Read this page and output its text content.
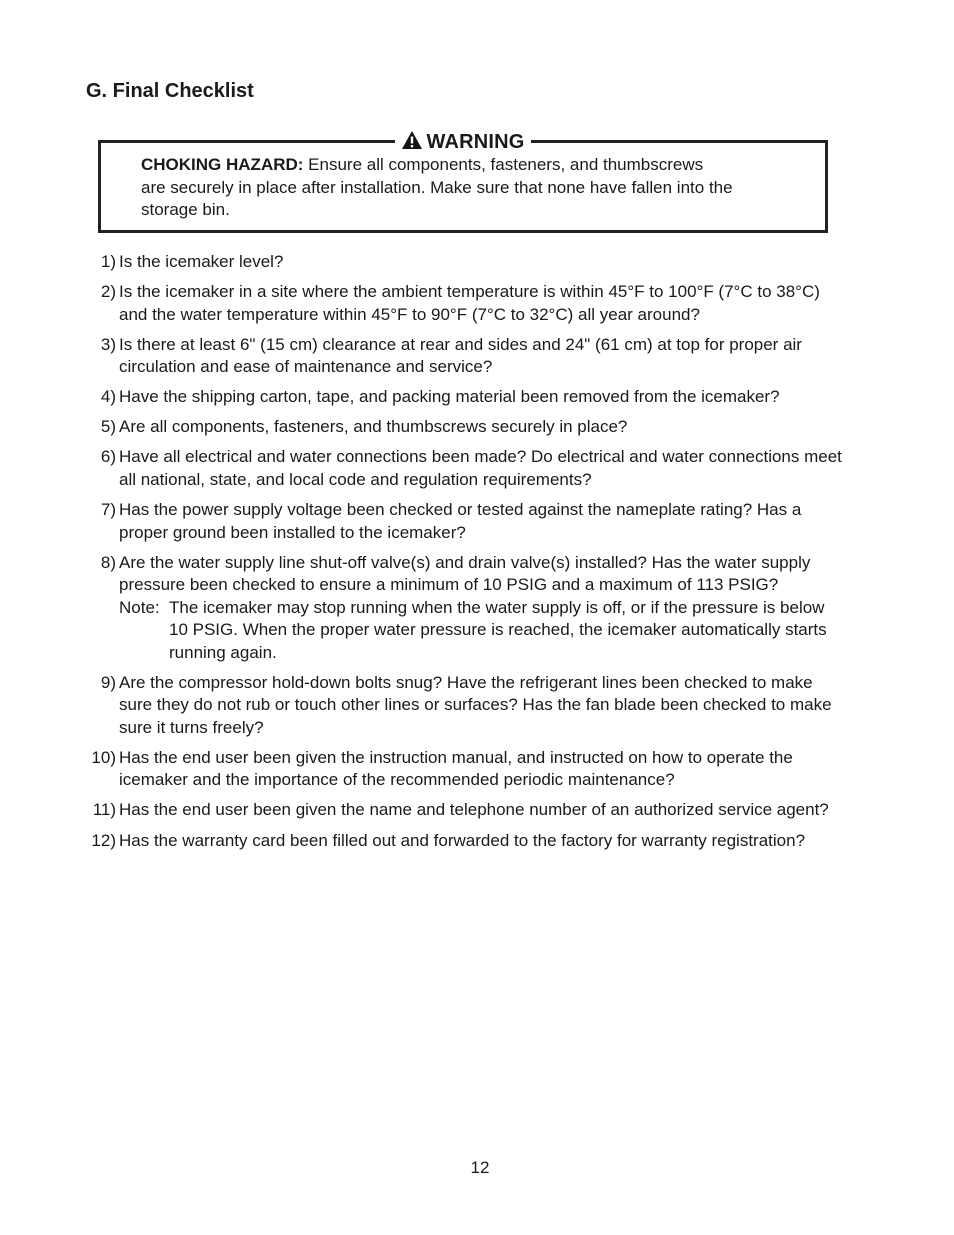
G. Final Checklist
WARNING
CHOKING HAZARD: Ensure all components, fasteners, and thumbscrews
are securely in place after installation. Make sure that none have fallen into the
storage bin.
1) Is the icemaker level?
2) Is the icemaker in a site where the ambient temperature is within 45°F to 100°F (7°C to 38°C) and the water temperature within 45°F to 90°F (7°C to 32°C) all year around?
3) Is there at least 6" (15 cm) clearance at rear and sides and 24" (61 cm) at top for proper air circulation and ease of maintenance and service?
4) Have the shipping carton, tape, and packing material been removed from the icemaker?
5) Are all components, fasteners, and thumbscrews securely in place?
6) Have all electrical and water connections been made? Do electrical and water connections meet all national, state, and local code and regulation requirements?
7) Has the power supply voltage been checked or tested against the nameplate rating? Has a proper ground been installed to the icemaker?
8) Are the water supply line shut-off valve(s) and drain valve(s) installed? Has the water supply pressure been checked to ensure a minimum of 10 PSIG and a maximum of 113 PSIG?
Note: The icemaker may stop running when the water supply is off, or if the pressure is below 10 PSIG. When the proper water pressure is reached, the icemaker automatically starts running again.
9) Are the compressor hold-down bolts snug? Have the refrigerant lines been checked to make sure they do not rub or touch other lines or surfaces? Has the fan blade been checked to make sure it turns freely?
10) Has the end user been given the instruction manual, and instructed on how to operate the icemaker and the importance of the recommended periodic maintenance?
11) Has the end user been given the name and telephone number of an authorized service agent?
12) Has the warranty card been filled out and forwarded to the factory for warranty registration?
12
